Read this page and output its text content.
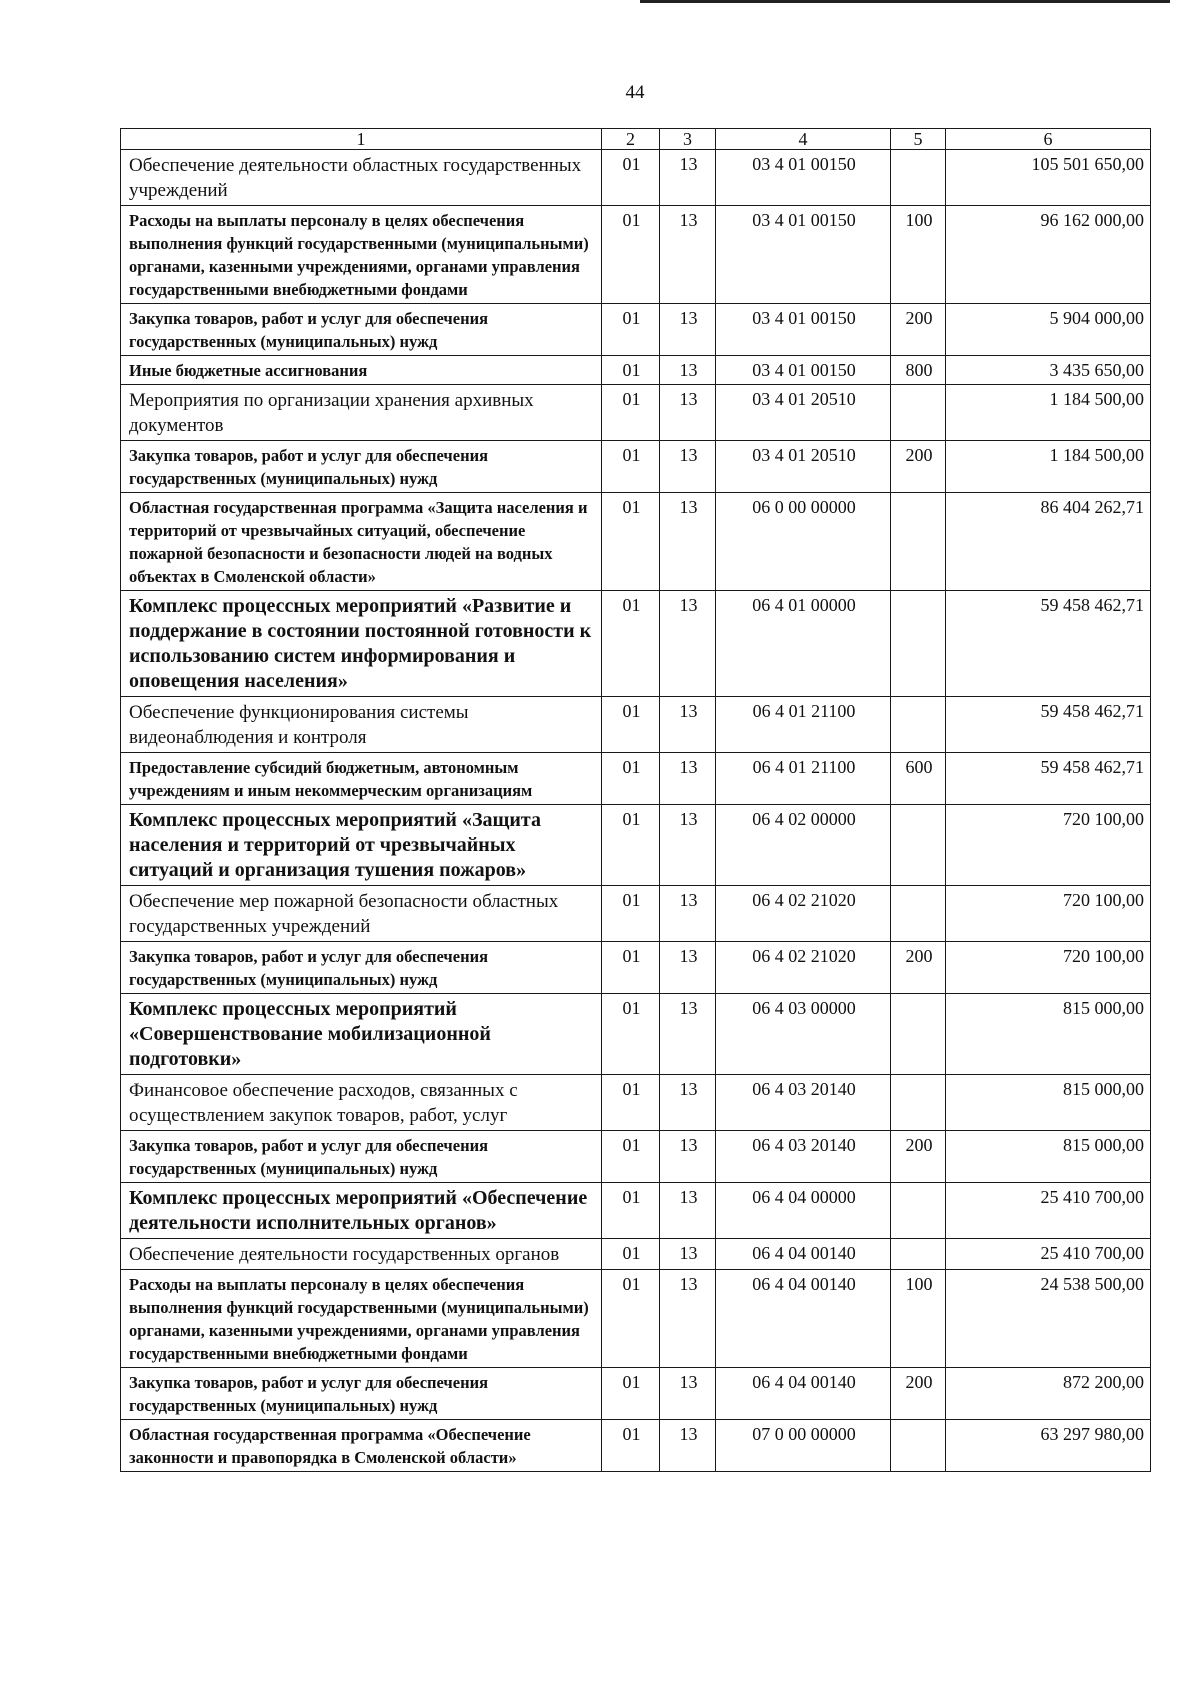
44
1	2	3	4	5	6
Обеспечение деятельности областных государственных учреждений	01	13	03 4 01 00150		105 501 650,00
Расходы на выплаты персоналу в целях обеспечения выполнения функций государственными (муниципальными) органами, казенными учреждениями, органами управления государственными внебюджетными фондами	01	13	03 4 01 00150	100	96 162 000,00
Закупка товаров, работ и услуг для обеспечения государственных (муниципальных) нужд	01	13	03 4 01 00150	200	5 904 000,00
Иные бюджетные ассигнования	01	13	03 4 01 00150	800	3 435 650,00
Мероприятия по организации хранения архивных документов	01	13	03 4 01 20510		1 184 500,00
Закупка товаров, работ и услуг для обеспечения государственных (муниципальных) нужд	01	13	03 4 01 20510	200	1 184 500,00
Областная государственная программа «Защита населения и территорий от чрезвычайных ситуаций, обеспечение пожарной безопасности и безопасности людей на водных объектах в Смоленской области»	01	13	06 0 00 00000		86 404 262,71
Комплекс процессных мероприятий «Развитие и поддержание в состоянии постоянной готовности к использованию систем информирования и оповещения населения»	01	13	06 4 01 00000		59 458 462,71
Обеспечение функционирования системы видеонаблюдения и контроля	01	13	06 4 01 21100		59 458 462,71
Предоставление субсидий бюджетным, автономным учреждениям и иным некоммерческим организациям	01	13	06 4 01 21100	600	59 458 462,71
Комплекс процессных мероприятий «Защита населения и территорий от чрезвычайных ситуаций и организация тушения пожаров»	01	13	06 4 02 00000		720 100,00
Обеспечение мер пожарной безопасности областных государственных учреждений	01	13	06 4 02 21020		720 100,00
Закупка товаров, работ и услуг для обеспечения государственных (муниципальных) нужд	01	13	06 4 02 21020	200	720 100,00
Комплекс процессных мероприятий «Совершенствование мобилизационной подготовки»	01	13	06 4 03 00000		815 000,00
Финансовое обеспечение расходов, связанных с осуществлением закупок товаров, работ, услуг	01	13	06 4 03 20140		815 000,00
Закупка товаров, работ и услуг для обеспечения государственных (муниципальных) нужд	01	13	06 4 03 20140	200	815 000,00
Комплекс процессных мероприятий «Обеспечение деятельности исполнительных органов»	01	13	06 4 04 00000		25 410 700,00
Обеспечение деятельности государственных органов	01	13	06 4 04 00140		25 410 700,00
Расходы на выплаты персоналу в целях обеспечения выполнения функций государственными (муниципальными) органами, казенными учреждениями, органами управления государственными внебюджетными фондами	01	13	06 4 04 00140	100	24 538 500,00
Закупка товаров, работ и услуг для обеспечения государственных (муниципальных) нужд	01	13	06 4 04 00140	200	872 200,00
Областная государственная программа «Обеспечение законности и правопорядка в Смоленской области»	01	13	07 0 00 00000		63 297 980,00
